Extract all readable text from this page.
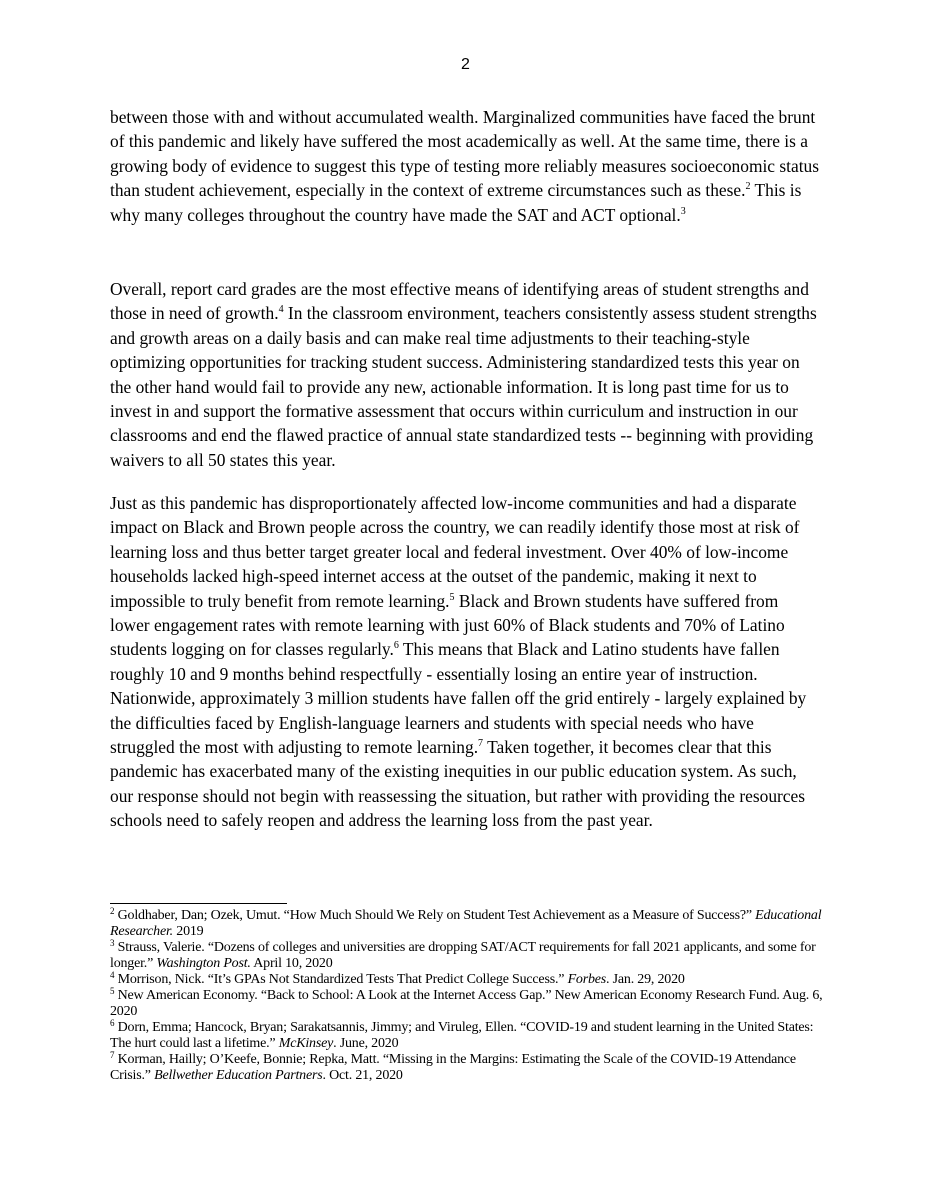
2

between those with and without accumulated wealth. Marginalized communities have faced the brunt of this pandemic and likely have suffered the most academically as well. At the same time, there is a growing body of evidence to suggest this type of testing more reliably measures socioeconomic status than student achievement, especially in the context of extreme circumstances such as these.$^2$ This is why many colleges throughout the country have made the SAT and ACT optional.$^3$

Overall, report card grades are the most effective means of identifying areas of student strengths and those in need of growth.$^4$ In the classroom environment, teachers consistently assess student strengths and growth areas on a daily basis and can make real time adjustments to their teaching-style optimizing opportunities for tracking student success. Administering standardized tests this year on the other hand would fail to provide any new, actionable information. It is long past time for us to invest in and support the formative assessment that occurs within curriculum and instruction in our classrooms and end the flawed practice of annual state standardized tests -- beginning with providing waivers to all 50 states this year.

Just as this pandemic has disproportionately affected low-income communities and had a disparate impact on Black and Brown people across the country, we can readily identify those most at risk of learning loss and thus better target greater local and federal investment. Over 40% of low-income households lacked high-speed internet access at the outset of the pandemic, making it next to impossible to truly benefit from remote learning.$^5$ Black and Brown students have suffered from lower engagement rates with remote learning with just 60% of Black students and 70% of Latino students logging on for classes regularly.$^6$ This means that Black and Latino students have fallen roughly 10 and 9 months behind respectfully - essentially losing an entire year of instruction. Nationwide, approximately 3 million students have fallen off the grid entirely - largely explained by the difficulties faced by English-language learners and students with special needs who have struggled the most with adjusting to remote learning.$^7$ Taken together, it becomes clear that this pandemic has exacerbated many of the existing inequities in our public education system. As such, our response should not begin with reassessing the situation, but rather with providing the resources schools need to safely reopen and address the learning loss from the past year.

$^2$ Goldhaber, Dan; Ozek, Umut. “How Much Should We Rely on Student Test Achievement as a Measure of Success?” Educational Researcher. 2019

$^3$ Strauss, Valerie. “Dozens of colleges and universities are dropping SAT/ACT requirements for fall 2021 applicants, and some for longer.” Washington Post. April 10, 2020

$^4$ Morrison, Nick. “It’s GPAs Not Standardized Tests That Predict College Success.” Forbes. Jan. 29, 2020

$^5$ New American Economy. “Back to School: A Look at the Internet Access Gap.” New American Economy Research Fund. Aug. 6, 2020

$^6$ Dorn, Emma; Hancock, Bryan; Sarakatsannis, Jimmy; and Viruleg, Ellen. “COVID-19 and student learning in the United States: The hurt could last a lifetime.” McKinsey. June, 2020

$^7$ Korman, Hailly; O’Keefe, Bonnie; Repka, Matt. “Missing in the Margins: Estimating the Scale of the COVID-19 Attendance Crisis.” Bellwether Education Partners. Oct. 21, 2020
